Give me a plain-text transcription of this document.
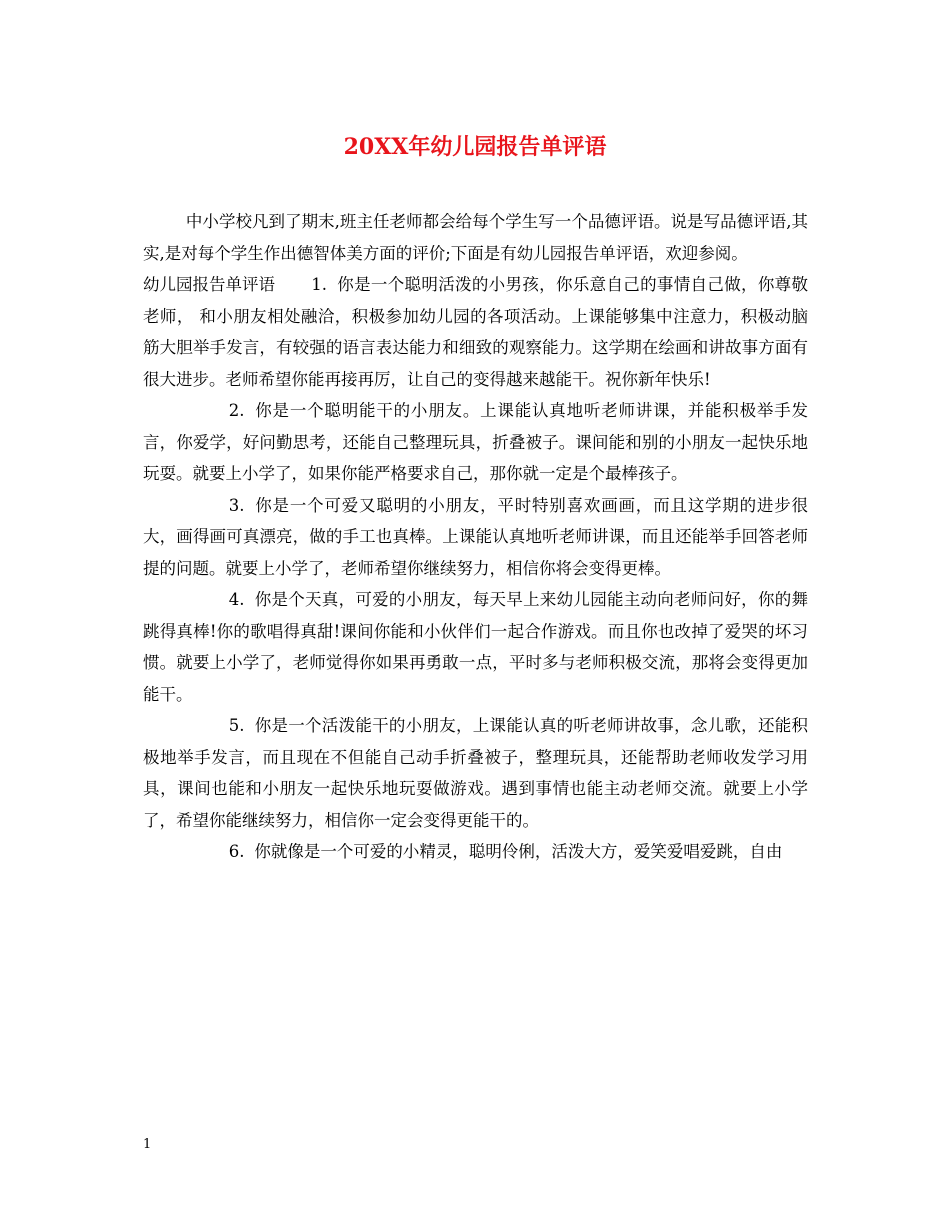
20XX年幼儿园报告单评语

中小学校凡到了期末,班主任老师都会给每个学生写一个品德评语。说是写品德评语,其实,是对每个学生作出德智体美方面的评价;下面是有幼儿园报告单评语，欢迎参阅。

幼儿园报告单评语 1. 你是一个聪明活泼的小男孩，你乐意自己的事情自己做，你尊敬老师， 和小朋友相处融洽，积极参加幼儿园的各项活动。上课能够集中注意力，积极动脑筋大胆举手发言，有较强的语言表达能力和细致的观察能力。这学期在绘画和讲故事方面有很大进步。老师希望你能再接再厉，让自己的变得越来越能干。祝你新年快乐!

2. 你是一个聪明能干的小朋友。上课能认真地听老师讲课，并能积极举手发言，你爱学，好问勤思考，还能自己整理玩具，折叠被子。课间能和别的小朋友一起快乐地玩耍。就要上小学了，如果你能严格要求自己，那你就一定是个最棒孩子。

3. 你是一个可爱又聪明的小朋友，平时特别喜欢画画，而且这学期的进步很大，画得画可真漂亮，做的手工也真棒。上课能认真地听老师讲课，而且还能举手回答老师提的问题。就要上小学了，老师希望你继续努力，相信你将会变得更棒。

4. 你是个天真，可爱的小朋友，每天早上来幼儿园能主动向老师问好，你的舞跳得真棒!你的歌唱得真甜!课间你能和小伙伴们一起合作游戏。而且你也改掉了爱哭的坏习惯。就要上小学了，老师觉得你如果再勇敢一点，平时多与老师积极交流，那将会变得更加能干。

5. 你是一个活泼能干的小朋友，上课能认真的听老师讲故事，念儿歌，还能积极地举手发言，而且现在不但能自己动手折叠被子，整理玩具，还能帮助老师收发学习用具，课间也能和小朋友一起快乐地玩耍做游戏。遇到事情也能主动老师交流。就要上小学了，希望你能继续努力，相信你一定会变得更能干的。

6. 你就像是一个可爱的小精灵，聪明伶俐，活泼大方，爱笑爱唱爱跳，自由

1
